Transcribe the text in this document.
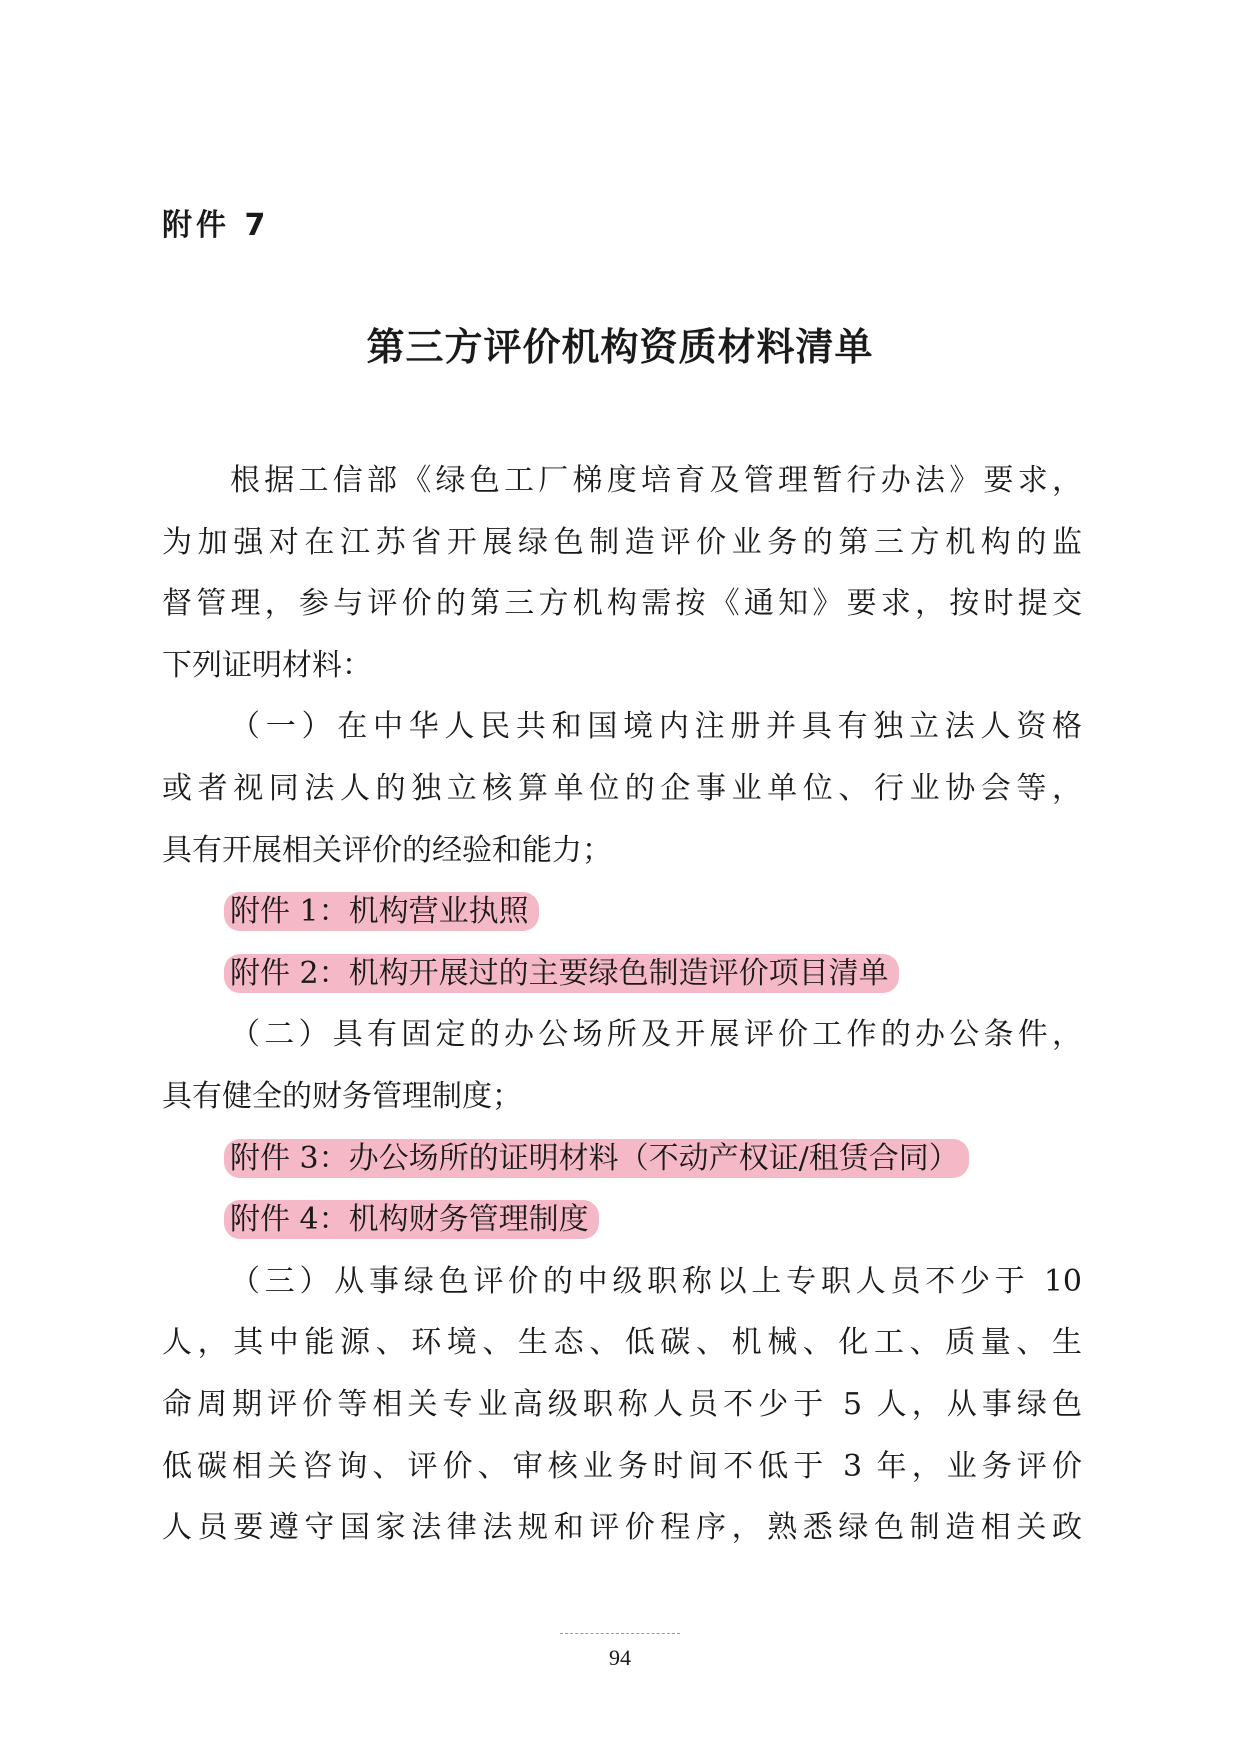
附件 7
第三方评价机构资质材料清单
根据工信部《绿色工厂梯度培育及管理暂行办法》要求，
为加强对在江苏省开展绿色制造评价业务的第三方机构的监
督管理，参与评价的第三方机构需按《通知》要求，按时提交
下列证明材料：
（一）在中华人民共和国境内注册并具有独立法人资格
或者视同法人的独立核算单位的企事业单位、行业协会等，
具有开展相关评价的经验和能力；
附件 1：机构营业执照
附件 2：机构开展过的主要绿色制造评价项目清单
（二）具有固定的办公场所及开展评价工作的办公条件，
具有健全的财务管理制度；
附件 3：办公场所的证明材料（不动产权证/租赁合同）
附件 4：机构财务管理制度
（三）从事绿色评价的中级职称以上专职人员不少于 10
人，其中能源、环境、生态、低碳、机械、化工、质量、生
命周期评价等相关专业高级职称人员不少于 5 人，从事绿色
低碳相关咨询、评价、审核业务时间不低于 3 年，业务评价
人员要遵守国家法律法规和评价程序，熟悉绿色制造相关政
94
